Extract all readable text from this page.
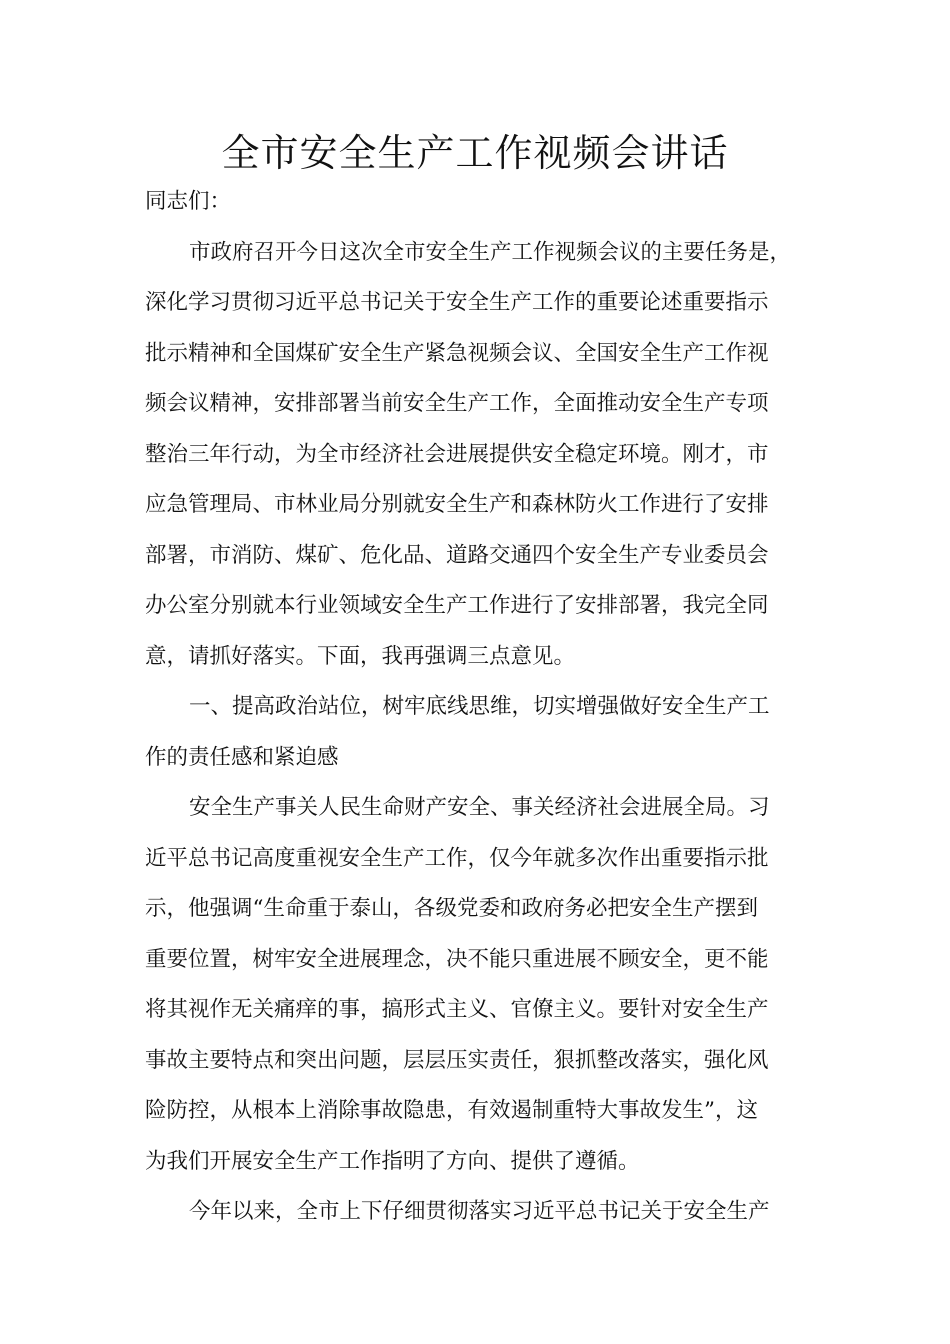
全市安全生产工作视频会讲话
同志们：
市政府召开今日这次全市安全生产工作视频会议的主要任务是，
深化学习贯彻习近平总书记关于安全生产工作的重要论述重要指示
批示精神和全国煤矿安全生产紧急视频会议、全国安全生产工作视
频会议精神，安排部署当前安全生产工作，全面推动安全生产专项
整治三年行动，为全市经济社会进展提供安全稳定环境。刚才，市
应急管理局、市林业局分别就安全生产和森林防火工作进行了安排
部署，市消防、煤矿、危化品、道路交通四个安全生产专业委员会
办公室分别就本行业领域安全生产工作进行了安排部署，我完全同
意，请抓好落实。下面，我再强调三点意见。
一、提高政治站位，树牢底线思维，切实增强做好安全生产工
作的责任感和紧迫感
安全生产事关人民生命财产安全、事关经济社会进展全局。习
近平总书记高度重视安全生产工作，仅今年就多次作出重要指示批
示，他强调“生命重于泰山，各级党委和政府务必把安全生产摆到
重要位置，树牢安全进展理念，决不能只重进展不顾安全，更不能
将其视作无关痛痒的事，搞形式主义、官僚主义。要针对安全生产
事故主要特点和突出问题，层层压实责任，狠抓整改落实，强化风
险防控，从根本上消除事故隐患，有效遏制重特大事故发生”，这
为我们开展安全生产工作指明了方向、提供了遵循。
今年以来，全市上下仔细贯彻落实习近平总书记关于安全生产
